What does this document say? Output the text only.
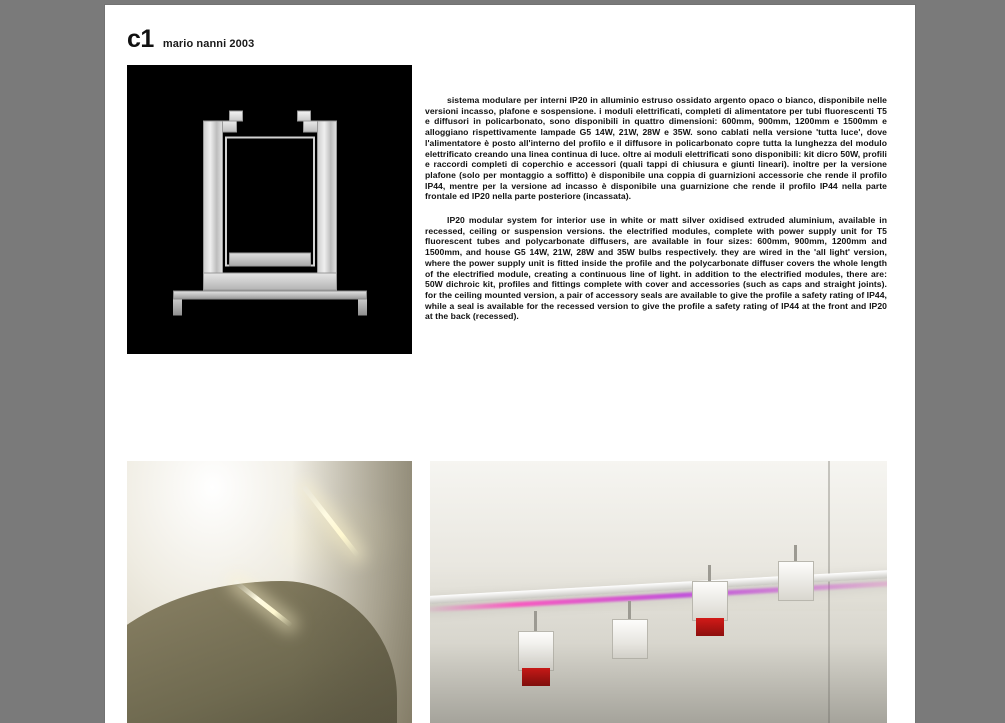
c1 mario nanni 2003

sistema modulare per interni IP20 in alluminio estruso ossidato argento opaco o bianco, disponibile nelle versioni incasso, plafone e sospensione. i moduli elettrificati, completi di alimentatore per tubi fluorescenti T5 e diffusori in policarbonato, sono disponibili in quattro dimensioni: 600mm, 900mm, 1200mm e 1500mm e alloggiano rispettivamente lampade G5 14W, 21W, 28W e 35W. sono cablati nella versione 'tutta luce', dove l'alimentatore è posto all'interno del profilo e il diffusore in policarbonato copre tutta la lunghezza del modulo elettrificato creando una linea continua di luce. oltre ai moduli elettrificati sono disponibili: kit dicro 50W, profili e raccordi completi di coperchio e accessori (quali tappi di chiusura e giunti lineari). inoltre per la versione plafone (solo per montaggio a soffitto) è disponibile una coppia di guarnizioni accessorie che rende il profilo IP44, mentre per la versione ad incasso è disponibile una guarnizione che rende il profilo IP44 nella parte frontale ed IP20 nella parte posteriore (incassata).

IP20 modular system for interior use in white or matt silver oxidised extruded aluminium, available in recessed, ceiling or suspension versions. the electrified modules, complete with power supply unit for T5 fluorescent tubes and polycarbonate diffusers, are available in four sizes: 600mm, 900mm, 1200mm and 1500mm, and house G5 14W, 21W, 28W and 35W bulbs respectively. they are wired in the 'all light' version, where the power supply unit is fitted inside the profile and the polycarbonate diffuser covers the whole length of the electrified module, creating a continuous line of light. in addition to the electrified modules, there are: 50W dichroic kit, profiles and fittings complete with cover and accessories (such as caps and straight joints). for the ceiling mounted version, a pair of accessory seals are available to give the profile a safety rating of IP44, while a seal is available for the recessed version to give the profile a safety rating of IP44 at the front and IP20 at the back (recessed).
